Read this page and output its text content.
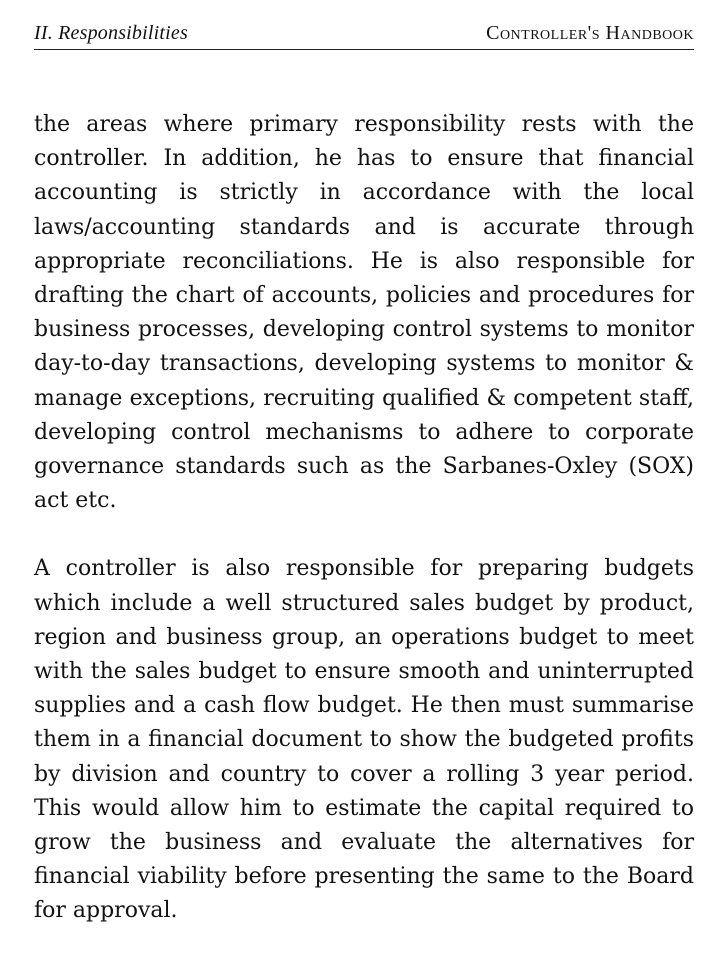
II. Responsibilities	Controller's Handbook

the areas where primary responsibility rests with the controller. In addition, he has to ensure that financial accounting is strictly in accordance with the local laws/accounting standards and is accurate through appropriate reconciliations. He is also responsible for drafting the chart of accounts, policies and procedures for business processes, developing control systems to monitor day-to-day transactions, developing systems to monitor & manage exceptions, recruiting qualified & competent staff, developing control mechanisms to adhere to corporate governance standards such as the Sarbanes-Oxley (SOX) act etc.

A controller is also responsible for preparing budgets which include a well structured sales budget by product, region and business group, an operations budget to meet with the sales budget to ensure smooth and uninterrupted supplies and a cash flow budget. He then must summarise them in a financial document to show the budgeted profits by division and country to cover a rolling 3 year period. This would allow him to estimate the capital required to grow the business and evaluate the alternatives for financial viability before presenting the same to the Board for approval.
